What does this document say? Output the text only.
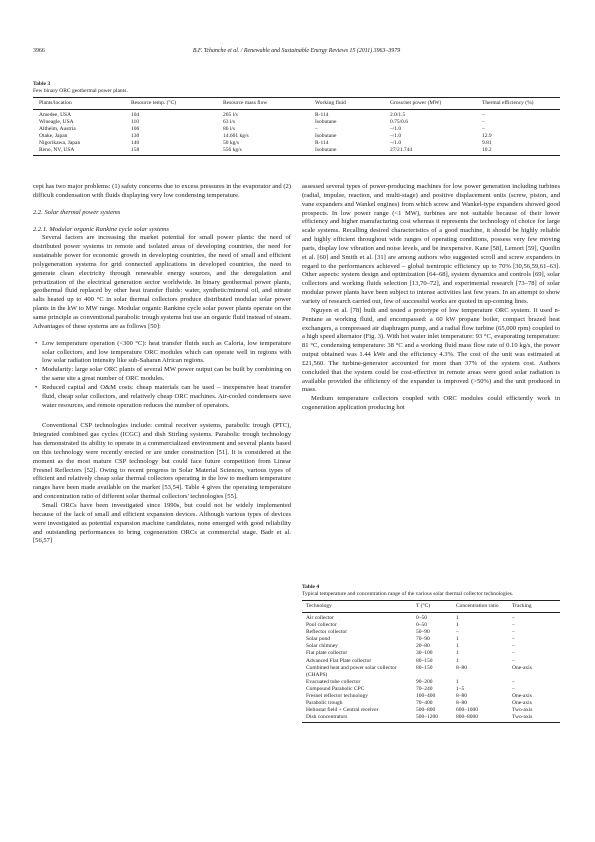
3966	B.F. Tchanche et al. / Renewable and Sustainable Energy Reviews 15 (2011) 3963–3979
Table 3
Few binary ORC geothermal power plants.
Plants/location	Resource temp. (°C)	Resource mass flow	Working fluid	Gross/net power (MW)	Thermal efficiency (%)
Amedee, USA	104	205 l/s	R-114	2.0/1.5	–
Wineagle, USA	110	63 l/s	Isobutane	0.75/0.6	–
Altheim, Austria	106	86 l/s	–	–/1.0	–
Otake, Japan	130	14.661 kg/s	Isobutane	–/1.0	12.9
Nigorikawa, Japan	140	50 kg/s	R-114	–/1.0	9.81
Reno, NV, USA	158	556 kg/s	Isobutane	27/21.744	10.2

cept has two major problems: (1) safety concerns due to excess pressures in the evaporator and (2) difficult condensation with fluids displaying very low condensing temperature.

2.2. Solar thermal power systems

2.2.1. Modular organic Rankine cycle solar systems

Several factors are increasing the market potential for small power plants: the need of distributed power systems in remote and isolated areas of developing countries, the need for sustainable power for economic growth in developing countries, the need of small and efficient polygeneration systems for grid connected applications in developed countries, the need to generate clean electricity through renewable energy sources, and the deregulation and privatization of the electrical generation sector worldwide. In binary geothermal power plants, geothermal fluid replaced by other heat transfer fluids: water, synthetic/mineral oil, and nitrate salts heated up to 400 °C in solar thermal collectors produce distributed modular solar power plants in the kW to MW range. Modular organic Rankine cycle solar power plants operate on the same principle as conventional parabolic trough systems but use an organic fluid instead of steam. Advantages of these systems are as follows [50]:

• Low temperature operation (<300 °C): heat transfer fluids such as Caloria, low temperature solar collectors, and low temperature ORC modules which can operate well in regions with low solar radiation intensity like sub-Saharan African regions.
• Modularity: large solar ORC plants of several MW power output can be built by combining on the same site a great number of ORC modules.
• Reduced capital and O&M costs: cheap materials can be used – inexpensive heat transfer fluid, cheap solar collectors, and relatively cheap ORC machines. Air-cooled condensers save water resources, and remote operation reduces the number of operators.

Conventional CSP technologies include: central receiver systems, parabolic trough (PTC), Integrated combined gas cycles (ICGC) and dish Stirling systems. Parabolic trough technology has demonstrated its ability to operate in a commercialized environment and several plants based on this technology were recently erected or are under construction [51]. It is considered at the moment as the most mature CSP technology but could face future competition from Linear Fresnel Reflectors [52]. Owing to recent progress in Solar Material Sciences, various types of efficient and relatively cheap solar thermal collectors operating in the low to medium temperature ranges have been made available on the market [53,54]. Table 4 gives the operating temperature and concentration ratio of different solar thermal collectors' technologies [55].

Small ORCs have been investigated since 1990s, but could not be widely implemented because of the lack of small and efficient expansion devices. Although various types of devices were investigated as potential expansion machine candidates, none emerged with good reliability and outstanding performances to bring cogeneration ORCs at commercial stage. Badr et al. [56,57]

assessed several types of power-producing machines for low power generation including turbines (radial, impulse, reaction, and multi-stage) and positive displacement units (screw, piston, and vane expanders and Wankel engines) from which screw and Wankel-type expanders showed good prospects. In low power range (<1 MW), turbines are not suitable because of their lower efficiency and higher manufacturing cost whereas it represents the technology of choice for large scale systems. Recalling desired characteristics of a good machine, it should be highly reliable and highly efficient throughout wide ranges of operating conditions, possess very few moving parts, display low vibration and noise levels, and be inexpensive. Kane [58], Lemort [59], Quoilin et al. [60] and Smith et al. [31] are among authors who suggested scroll and screw expanders in regard to the performances achieved – global isentropic efficiency up to 70% [30,56,59,61–63]. Other aspects: system design and optimization [64–68], system dynamics and controls [69], solar collectors and working fluids selection [13,70–72], and experimental research [73–78] of solar modular power plants have been subject to intense activities last few years. In an attempt to show variety of research carried out, few of successful works are quoted in up-coming lines.

Nguyen et al. [78] built and tested a prototype of low temperature ORC system. It used n-Pentane as working fluid, and encompassed: a 60 kW propane boiler, compact brazed heat exchangers, a compressed air diaphragm pump, and a radial flow turbine (65,000 rpm) coupled to a high speed alternator (Fig. 3). With hot water inlet temperature: 93 °C, evaporating temperature: 81 °C, condensing temperature: 38 °C and a working fluid mass flow rate of 0.10 kg/s, the power output obtained was 1.44 kWe and the efficiency 4.3%. The cost of the unit was estimated at £21,560. The turbine-generator accounted for more than 37% of the system cost. Authors concluded that the system could be cost-effective in remote areas were good solar radiation is available provided the efficiency of the expander is improved (>50%) and the unit produced in mass.

Medium temperature collectors coupled with ORC modules could efficiently work in cogeneration application producing hot

Table 4
Typical temperature and concentration range of the various solar thermal collector technologies.
Technology	T (°C)	Concentration ratio	Tracking
Air collector	0–50	1	–
Pool collector	0–50	1	–
Reflector collector	50–90	–	–
Solar pond	70–90	1	–
Solar chimney	20–80	1	–
Flat plate collector	30–100	1	–
Advanced Flat Plate collector	80–150	1	–
Combined heat and power solar collector (CHAPS)	80–150	8–80	One-axis
Evacuated tube collector	90–200	1	–
Compound Parabolic CPC	70–240	1–5	–
Fresnel reflector technology	100–400	8–80	One-axis
Parabolic trough	70–400	8–80	One-axis
Heliostat field + Central receiver	500–800	600–1000	Two-axis
Dish concentrators	500–1200	800–8000	Two-axis
